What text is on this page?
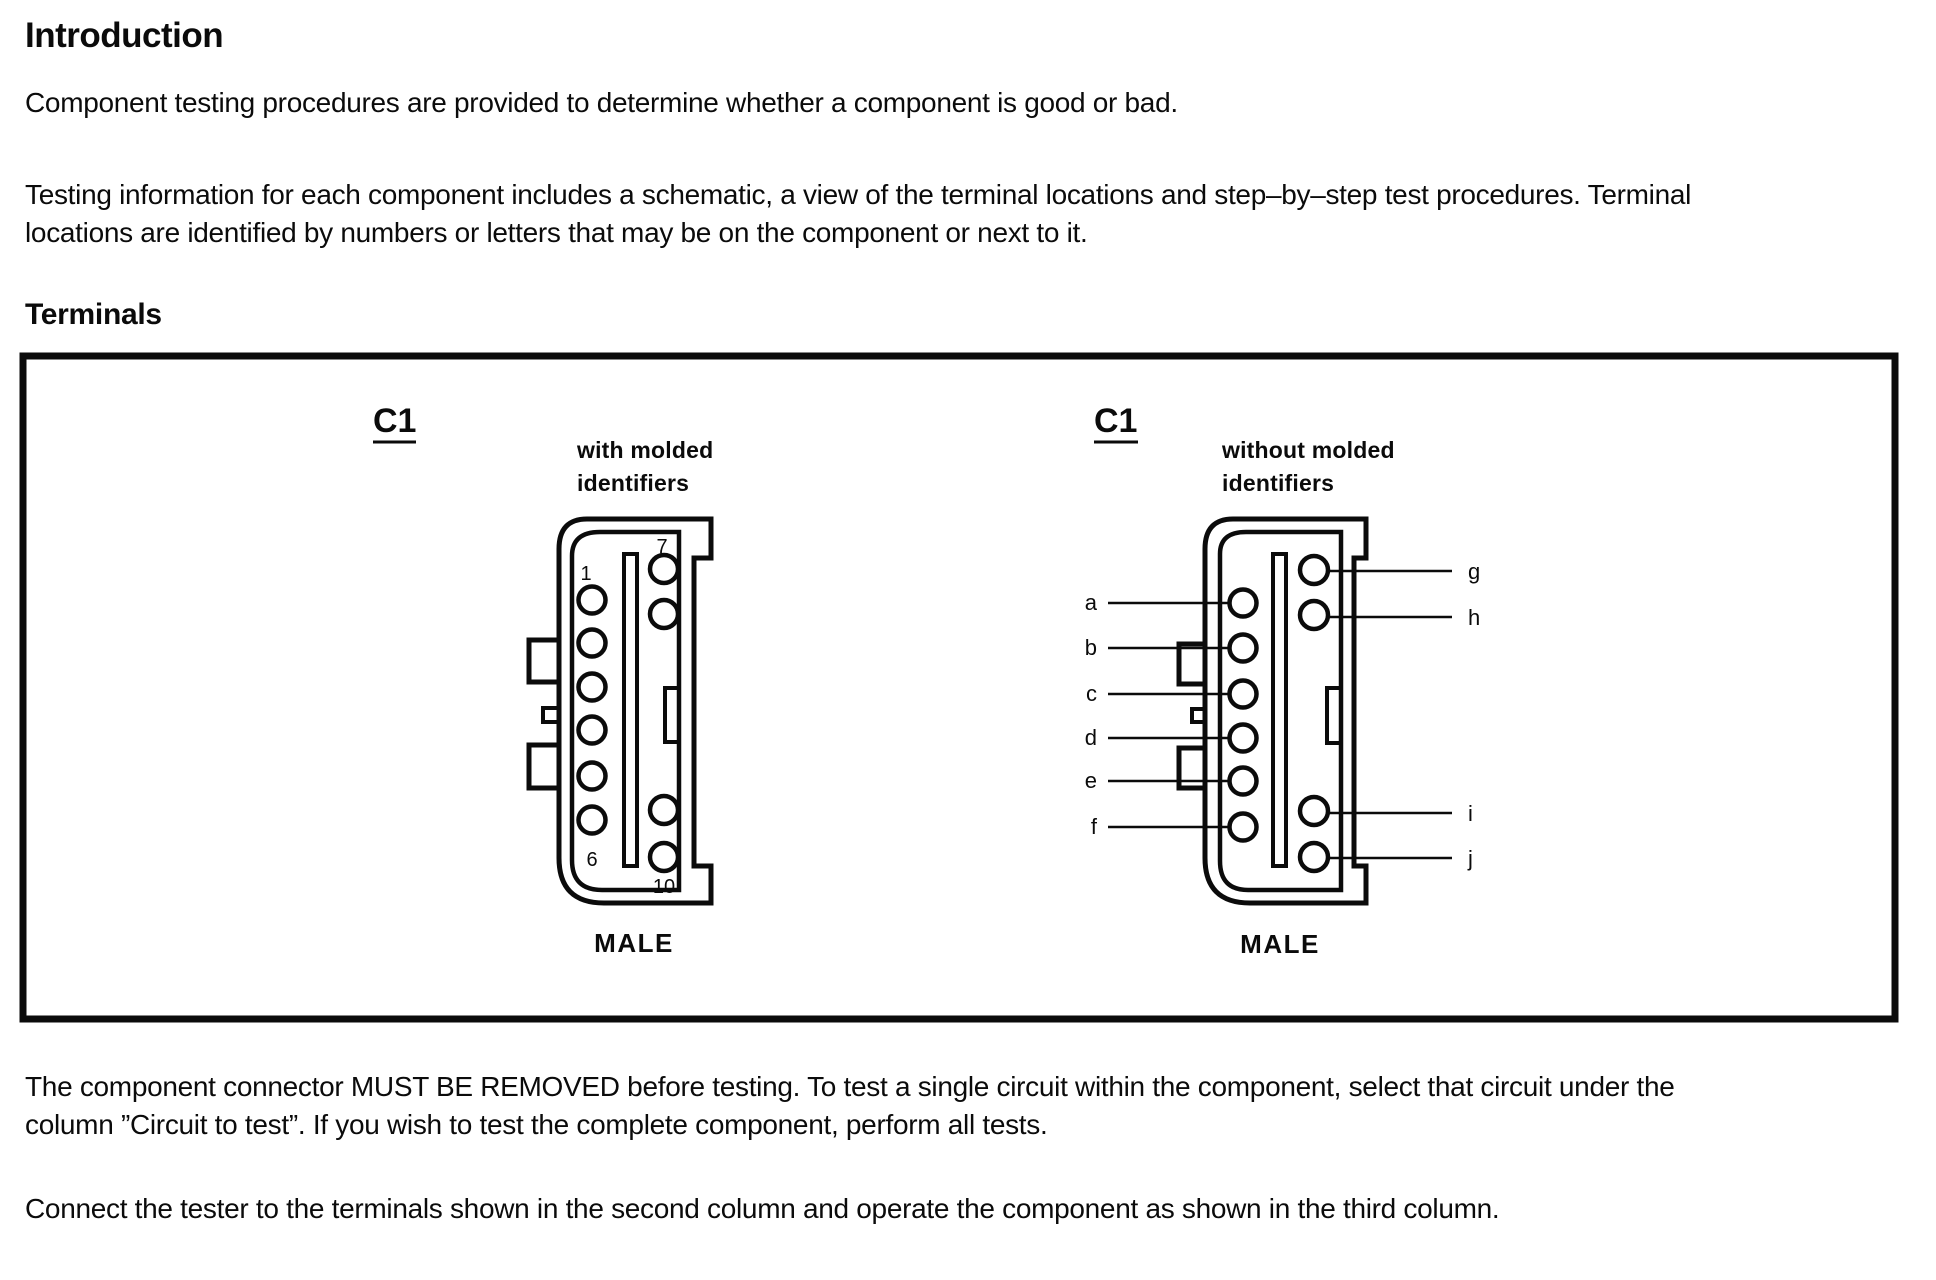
Introduction
Component testing procedures are provided to determine whether a component is good or bad.
Testing information for each component includes a schematic, a view of the terminal locations and step–by–step test procedures. Terminal
locations are identified by numbers or letters that may be on the component or next to it.
Terminals
The component connector MUST BE REMOVED before testing. To test a single circuit within the component, select that circuit under the
column ”Circuit to test”. If you wish to test the complete component, perform all tests.
Connect the tester to the terminals shown in the second column and operate the component as shown in the third column.
C1
with molded
identifiers
1
7
6
10
MALE
C1
without molded
identifiers
a
b
c
d
e
f
g
h
i
j
MALE
